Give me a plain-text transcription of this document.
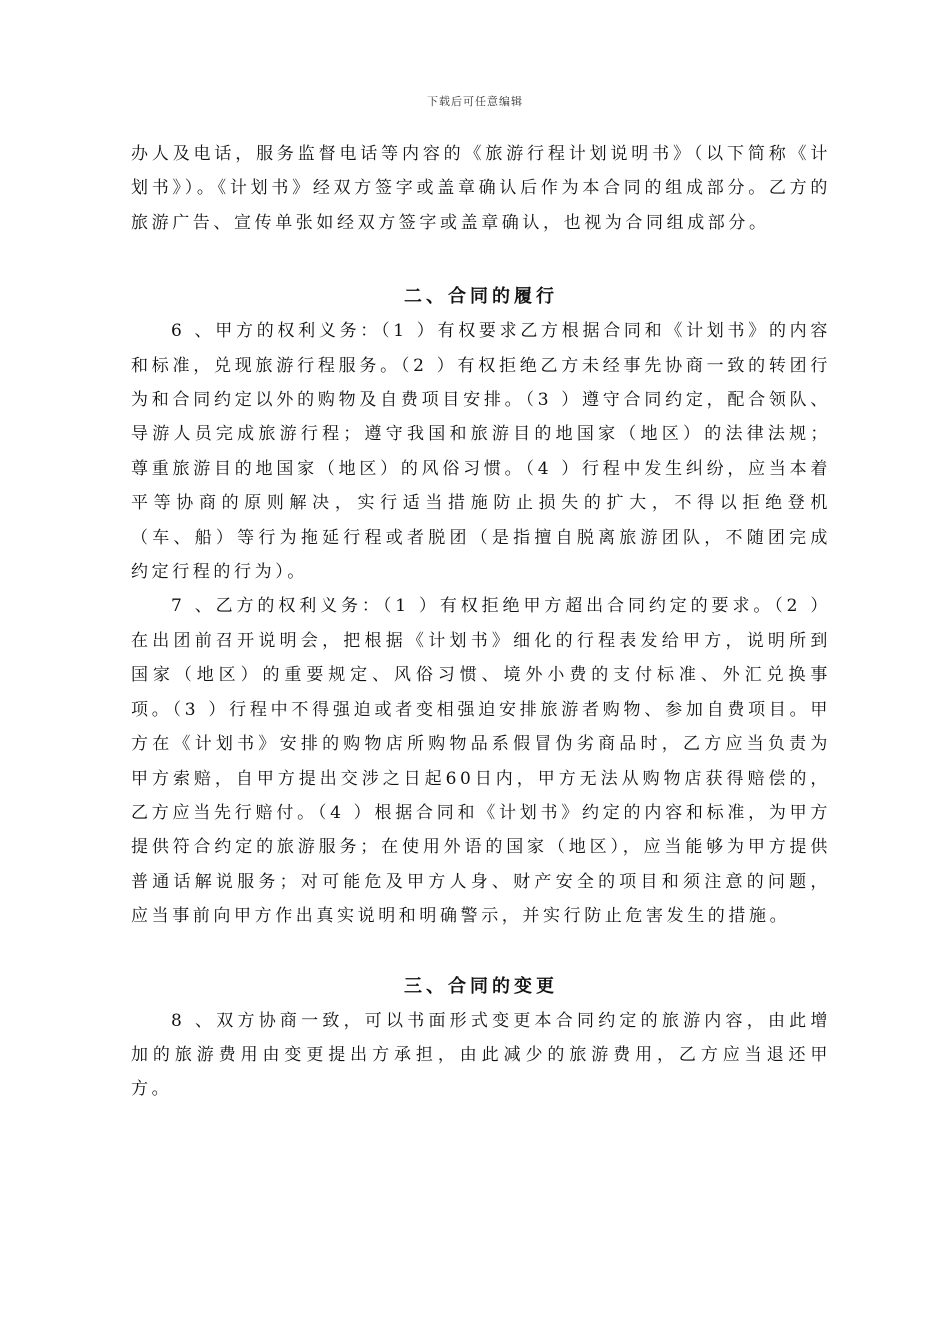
下载后可任意编辑

办人及电话，服务监督电话等内容的《旅游行程计划说明书》（以下简称《计划书》）。《计划书》经双方签字或盖章确认后作为本合同的组成部分。乙方的旅游广告、宣传单张如经双方签字或盖章确认，也视为合同组成部分。

二、合同的履行

6 、甲方的权利义务：（1 ）有权要求乙方根据合同和《计划书》的内容和标准，兑现旅游行程服务。（2 ）有权拒绝乙方未经事先协商一致的转团行为和合同约定以外的购物及自费项目安排。（3 ）遵守合同约定，配合领队、导游人员完成旅游行程；遵守我国和旅游目的地国家（地区）的法律法规；尊重旅游目的地国家（地区）的风俗习惯。（4 ）行程中发生纠纷，应当本着平等协商的原则解决，实行适当措施防止损失的扩大，不得以拒绝登机（车、船）等行为拖延行程或者脱团（是指擅自脱离旅游团队，不随团完成约定行程的行为）。

7 、乙方的权利义务：（1 ）有权拒绝甲方超出合同约定的要求。（2 ）在出团前召开说明会，把根据《计划书》细化的行程表发给甲方，说明所到国家（地区）的重要规定、风俗习惯、境外小费的支付标准、外汇兑换事项。（3 ）行程中不得强迫或者变相强迫安排旅游者购物、参加自费项目。甲方在《计划书》安排的购物店所购物品系假冒伪劣商品时，乙方应当负责为甲方索赔，自甲方提出交涉之日起60日内，甲方无法从购物店获得赔偿的，乙方应当先行赔付。（4 ）根据合同和《计划书》约定的内容和标准，为甲方提供符合约定的旅游服务；在使用外语的国家（地区），应当能够为甲方提供普通话解说服务；对可能危及甲方人身、财产安全的项目和须注意的问题，应当事前向甲方作出真实说明和明确警示，并实行防止危害发生的措施。

三、合同的变更

8 、双方协商一致，可以书面形式变更本合同约定的旅游内容，由此增加的旅游费用由变更提出方承担，由此减少的旅游费用，乙方应当退还甲方。
